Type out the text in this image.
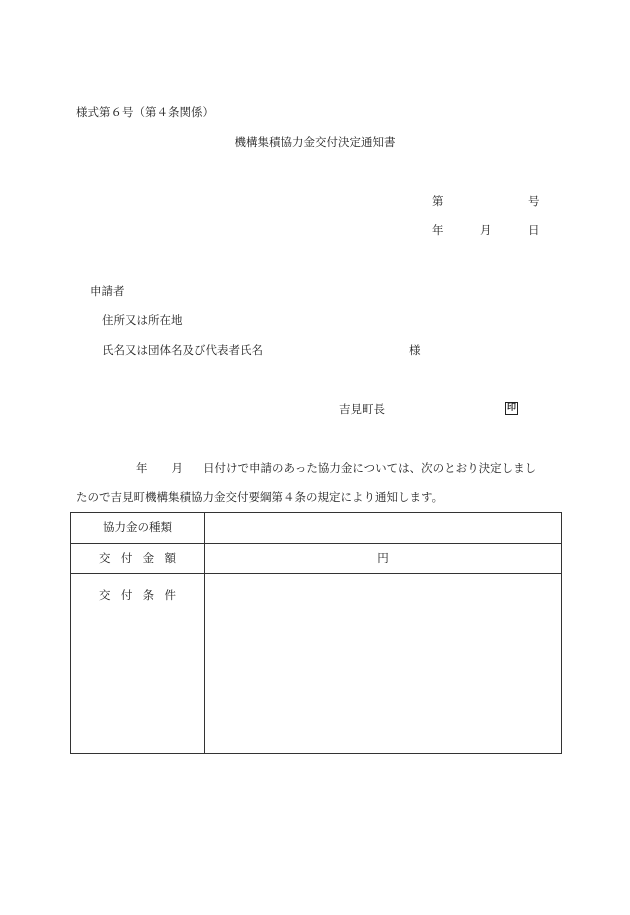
様式第６号（第４条関係）
機構集積協力金交付決定通知書
第	号
年	月	日
申請者
住所又は所在地
氏名又は団体名及び代表者氏名	様
吉見町長	印
年 月 日付けで申請のあった協力金については、次のとおり決定しまし
たので吉見町機構集積協力金交付要綱第４条の規定により通知します。
協力金の種類	
交付金額	円
交付条件	
